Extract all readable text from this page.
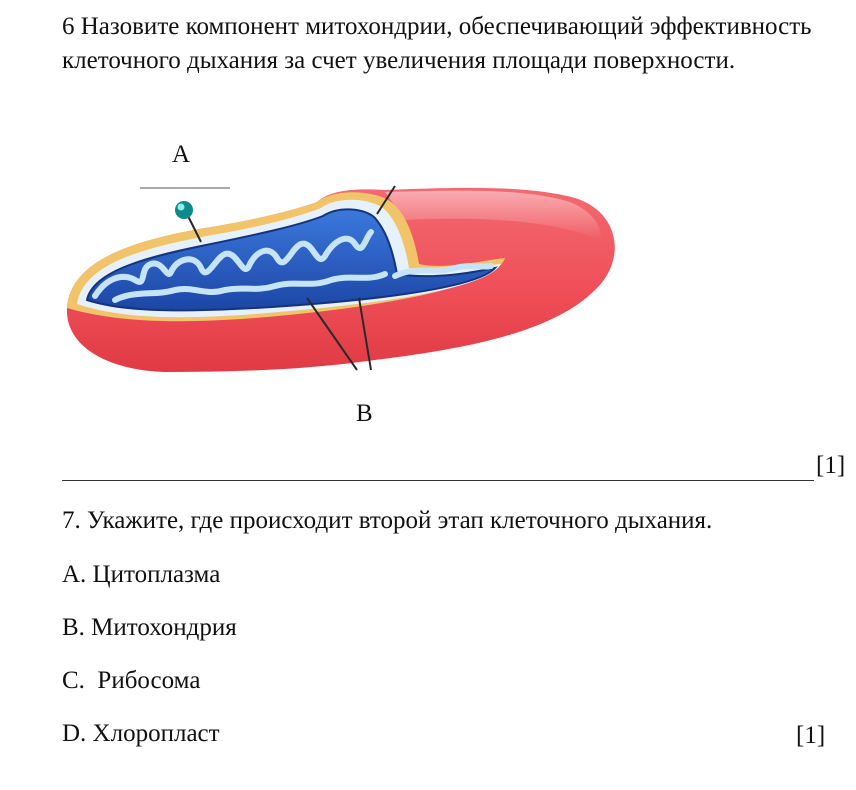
6 Назовите компонент митохондрии, обеспечивающий эффективность клеточного дыхания за счет увеличения площади поверхности.
А
В
[1]
7. Укажите, где происходит второй этап клеточного дыхания.
А. Цитоплазма
B. Митохондрия
C.  Рибосома
D. Хлоропласт	[1]
